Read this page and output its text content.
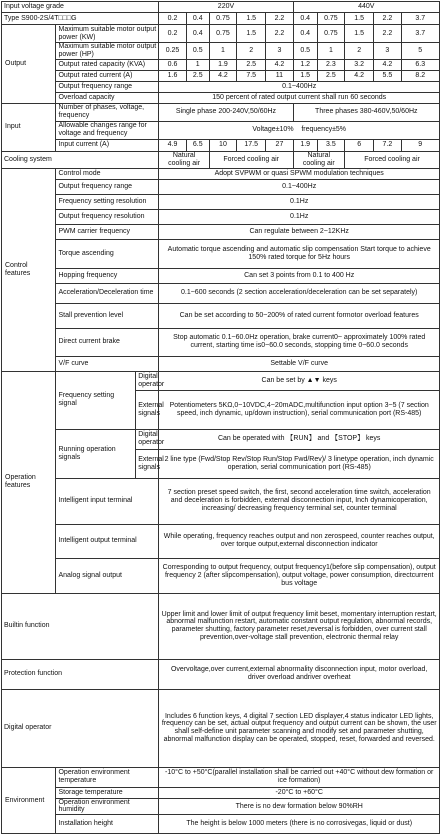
Input voltage grade			220V					440V				
Type S900-2S/4T□□□G			0.2	0.4	0.75	1.5	2.2	0.4	0.75	1.5	2.2	3.7
Output	Maximum suitable motor output power (KW)		0.2	0.4	0.75	1.5	2.2	0.4	0.75	1.5	2.2	3.7
	Maximum suitable motor output power (HP)		0.25	0.5	1	2	3	0.5	1	2	3	5
	Output rated capacity (KVA)		0.6	1	1.9	2.5	4.2	1.2	2.3	3.2	4.2	6.3
	Output rated current (A)		1.6	2.5	4.2	7.5	11	1.5	2.5	4.2	5.5	8.2
	Output frequency range		0.1~400Hz									
	Overload capacity		150 percent of rated output current shall run 60 seconds									
Input	Number of phases, voltage, frequency		Single phase 200-240V,50/60Hz					Three phases 380-460V,50/60Hz				
	Allowable changes range for voltage and frequency		Voltage±10%    frequency±5%									
	Input current (A)		4.9	6.5	10	17.5	27	1.9	3.5	6	7.2	9
Cooling system			Natural cooling air		Forced cooling air			Natural cooling air		Forced cooling air		
Control features	Control mode		Adopt SVPWM or quasi SPWM modulation techniques									
	Output frequency range		0.1~400Hz									
	Frequency setting resolution		0.1Hz									
	Output frequency resolution		0.1Hz									
	PWM carrier frequency		Can regulate between 2~12KHz									
	Torque ascending		Automatic torque ascending and automatic slip compensation Start torque to achieve 150% rated torque for 5Hz hours									
	Hopping frequency		Can set 3 points from 0.1 to 400 Hz									
	Acceleration/Deceleration time		0.1~600 seconds (2 section acceleration/deceleration can be set separately)									
	Stall prevention level		Can be set according to 50~200% of rated current formotor overload features									
	Direct current brake		Stop automatic 0.1~60.0Hz operation, brake current0~ approximately 100% rated current, starting time is0~60.0 seconds, stopping time 0~60.0 seconds									
	V/F curve		Settable V/F curve									
Operation features	Frequency setting signal	Digital operator	Can be set by ▲▼ keys									
		External signals	Potentiometers 5KΩ,0~10VDC,4~20mADC,multifunction input option 3~5 (7 section speed, inch dynamic, up/down instruction), serial communication port (RS-485)									
	Running operation signals	Digital operator	Can be operated with 【RUN】 and 【STOP】 keys									
		External signals	2 line type (Fwd/Stop Rev/Stop Run/Stop Fwd/Rev)/ 3 linetype operation, inch dynamic operation, serial communication port (RS-485)									
	Intelligent input terminal		7 section preset speed switch, the first, second acceleration time switch, acceleration and deceleration is forbidden, external disconnection input, Inch dynamicoperation, increasing/ decreasing frequency terminal set, counter terminal									
	Intelligent output terminal		While operating, frequency reaches output and non zerospeed, counter reaches output, over torque output,external disconnection indicator									
	Analog signal output		Corresponding to output frequency, output frequency1(before slip compensation), output frequency 2 (after slipcompensation), output voltage, power consumption, directcurrent bus voltage									
Builtin function			Upper limit and lower limit of output frequency limit beset, momentary interruption restart, abnormal malfunction restart, automatic constant output regulation, abnormal records, parameter shutting, factory parameter reset,reversal is forbidden, over current stall prevention,over-voltage stall prevention, electronic thermal relay									
Protection function			Overvoltage,over current,external abnormality disconnection input, motor overload, driver overload andriver overheat									
Digital operator			Includes 6 function keys, 4 digital 7 section LED displayer,4 status indicator LED lights, frequency can be set, actual output frequency and output current can be shown, the user shall self-define unit parameter scanning and modify set and parameter shutting, abnormal malfunction display can be operated, stopped, reset, forwarded and reversed.									
Environment	Operation environment temperature		-10°C to +50°C(parallel installation shall be carried out +40°C without dew formation or ice formation)									
	Storage temperature		-20°C to +60°C									
	Operation environment humidity		There is no dew formation below 90%RH									
	Installation height		The height is below 1000 meters (there is no corrosivegas, liquid or dust)									
